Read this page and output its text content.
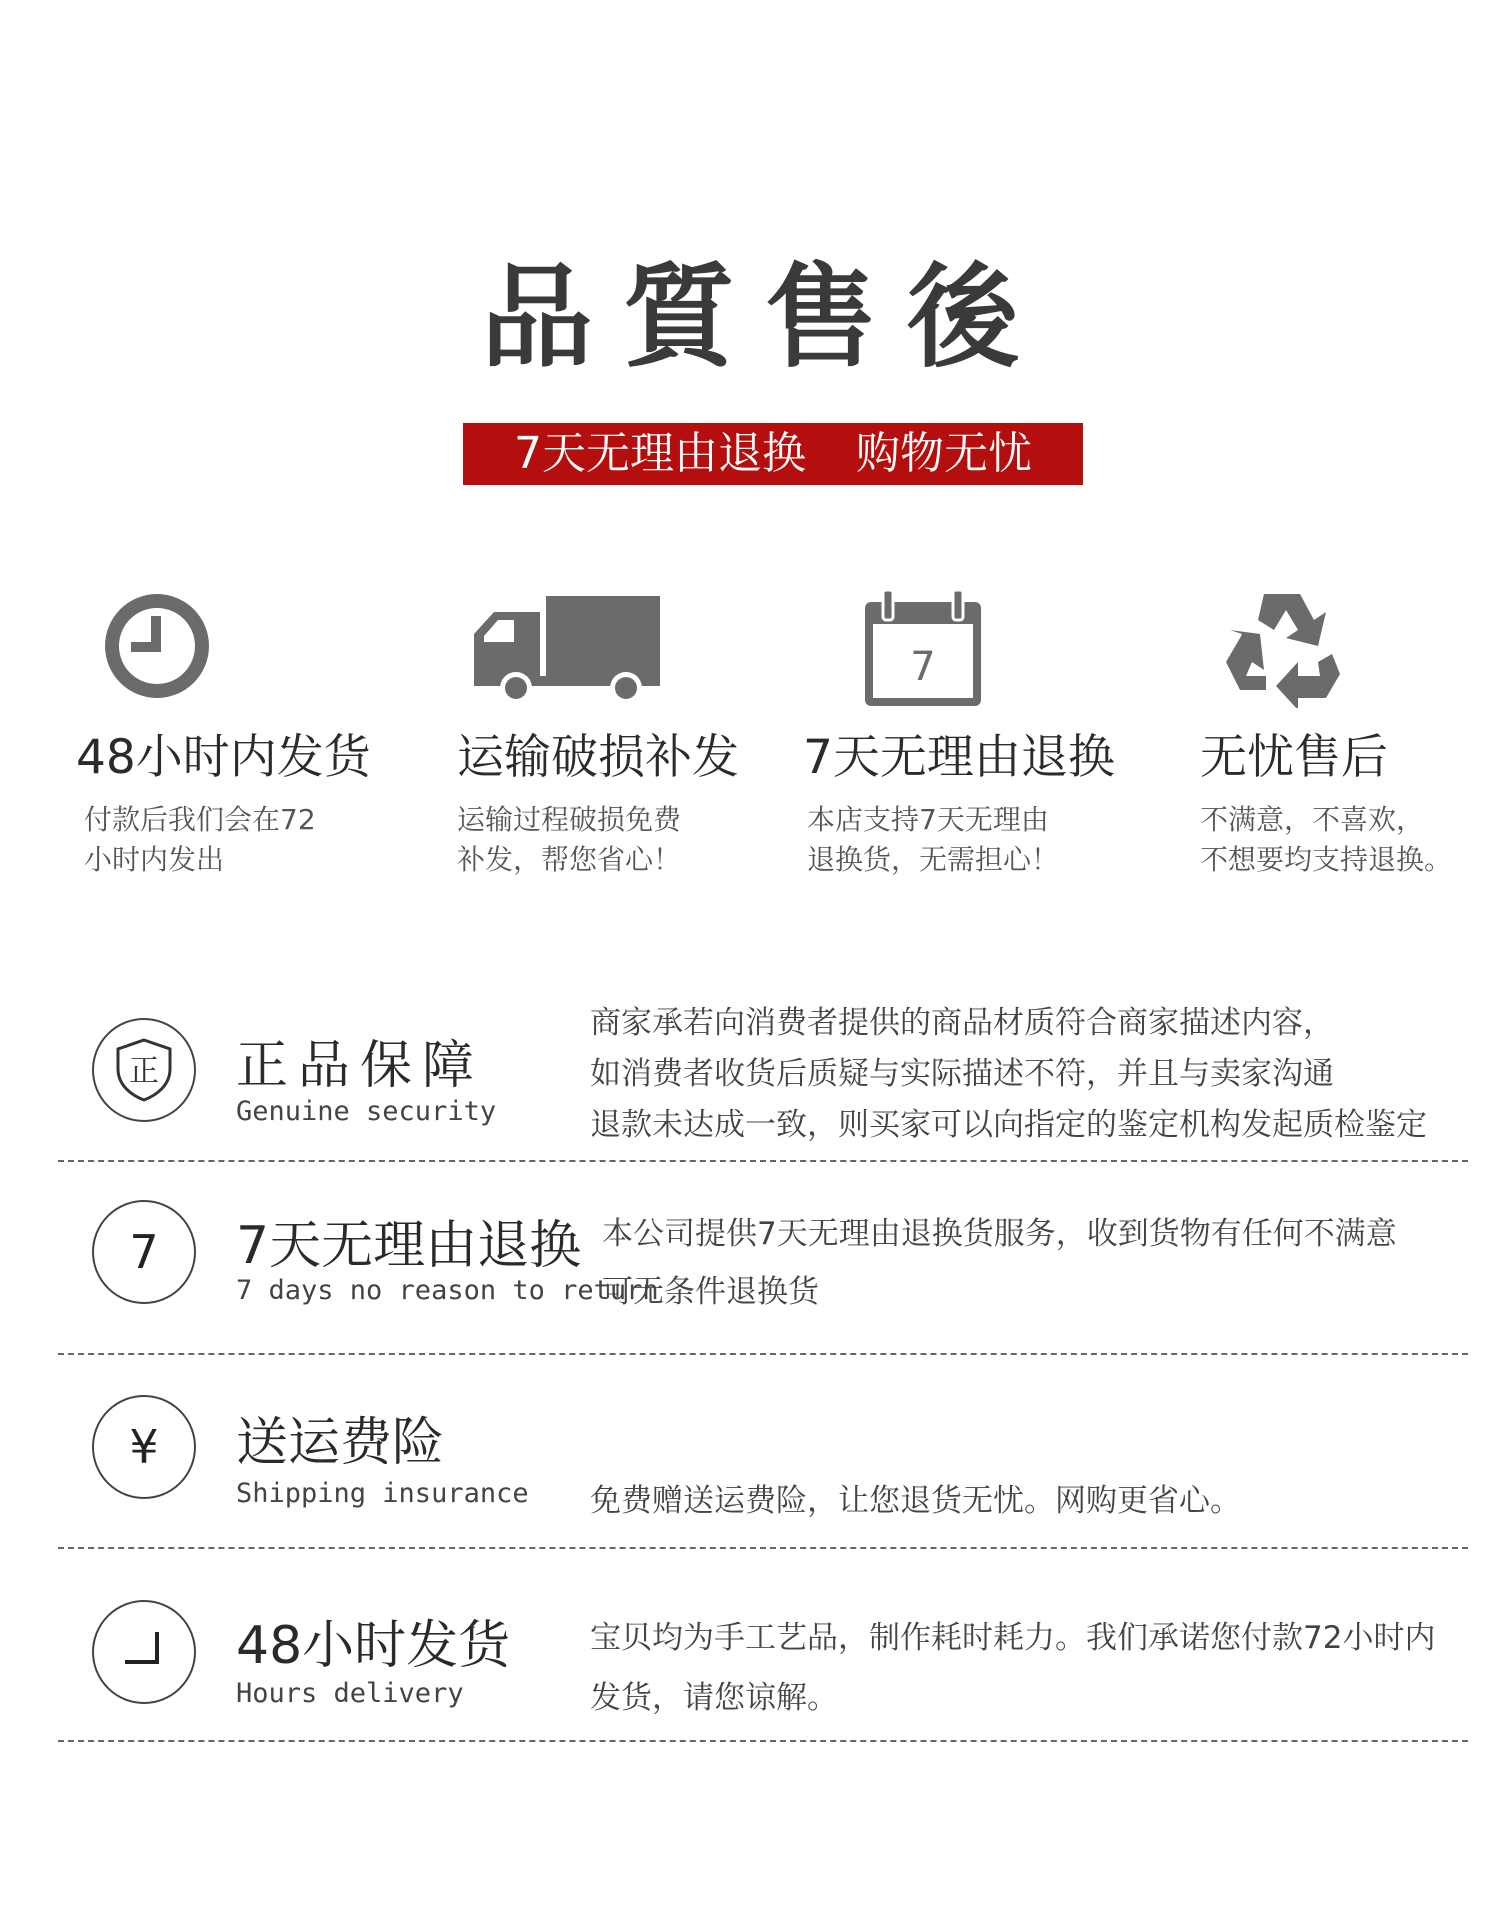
品質售後
7天无理由退换 购物无忧
48小时内发货
付款后我们会在72
小时内发出
运输破损补发
运输过程破损免费
补发，帮您省心！
7
7天无理由退换
本店支持7天无理由
退换货，无需担心！
无忧售后
不满意，不喜欢，
不想要均支持退换。
正 正品保障
Genuine security
商家承若向消费者提供的商品材质符合商家描述内容，
如消费者收货后质疑与实际描述不符，并且与卖家沟通
退款未达成一致，则买家可以向指定的鉴定机构发起质检鉴定
7 7天无理由退换
7 days no reason to return
本公司提供7天无理由退换货服务，收到货物有任何不满意
可无条件退换货
¥ 送运费险
Shipping insurance 免费赠送运费险，让您退货无忧。网购更省心。
48小时发货
Hours delivery
宝贝均为手工艺品，制作耗时耗力。我们承诺您付款72小时内
发货，请您谅解。
